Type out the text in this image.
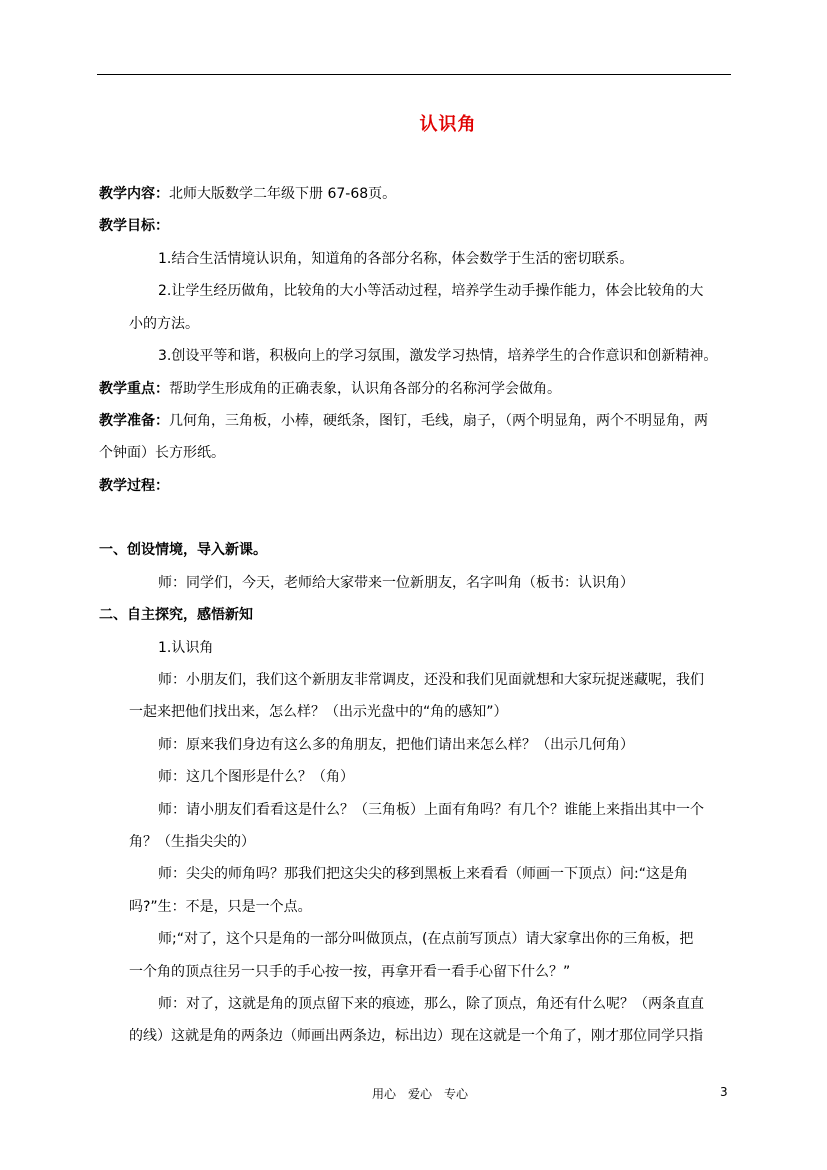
认识角
教学内容：北师大版数学二年级下册 67-68页。
教学目标：
1.结合生活情境认识角，知道角的各部分名称，体会数学于生活的密切联系。
2.让学生经历做角，比较角的大小等活动过程，培养学生动手操作能力，体会比较角的大
小的方法。
3.创设平等和谐，积极向上的学习氛围，激发学习热情，培养学生的合作意识和创新精神。
教学重点：帮助学生形成角的正确表象，认识角各部分的名称河学会做角。
教学准备：几何角，三角板，小棒，硬纸条，图钉，毛线，扇子，（两个明显角，两个不明显角，两
个钟面）长方形纸。
教学过程：
一、创设情境，导入新课。
师：同学们，今天，老师给大家带来一位新朋友，名字叫角（板书：认识角）
二、自主探究，感悟新知
1.认识角
师：小朋友们，我们这个新朋友非常调皮，还没和我们见面就想和大家玩捉迷藏呢，我们
一起来把他们找出来，怎么样？（出示光盘中的“角的感知”）
师：原来我们身边有这么多的角朋友，把他们请出来怎么样？（出示几何角）
师：这几个图形是什么？（角）
师：请小朋友们看看这是什么？（三角板）上面有角吗？有几个？谁能上来指出其中一个
角？（生指尖尖的）
师：尖尖的师角吗？那我们把这尖尖的移到黑板上来看看（师画一下顶点）问:“这是角
吗?”生：不是，只是一个点。
师;“对了，这个只是角的一部分叫做顶点，(在点前写顶点）请大家拿出你的三角板，把
一个角的顶点往另一只手的手心按一按，再拿开看一看手心留下什么？”
师：对了，这就是角的顶点留下来的痕迹，那么，除了顶点，角还有什么呢？（两条直直
的线）这就是角的两条边（师画出两条边，标出边）现在这就是一个角了，刚才那位同学只指
用心　爱心　专心	3
